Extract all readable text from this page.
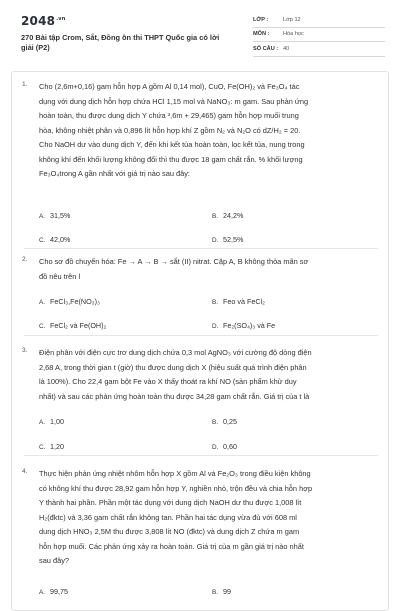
$2048^{.vn}$
270 Bài tập Crom, Sắt, Đồng ôn thi THPT Quốc gia có lời giải (P2)
LỚP :	Lớp 12
MÔN :	Hóa học
SỐ CÂU : 40
1. Cho (2,6m+0,16) gam hỗn hợp A gồm Al 0,14 mol), CuO, Fe(OH)₂ và Fe₃O₄ tác
dụng với dung dịch hỗn hợp chứa HCl 1,15 mol và NaNO₃: m gam. Sau phản ứng
hoàn toàn, thu được dung dịch Y chứa ³,6m + 29,465) gam hỗn hợp muối trung
hòa, không nhiệt phân và 0,896 lít hỗn hợp khí Z gồm N₂ và N₂O có dZ/H₂ = 20.
Cho NaOH dư vào dung dịch Y, đến khi kết tủa hoàn toàn, lọc kết tủa, nung trong
không khí đến khối lượng không đổi thì thu được 18 gam chất rắn. % khối lượng
Fe₃O₄trong A gần nhất với giá trị nào sau đây:
A. 31,5%	B. 24,2%
C. 42,0%	D. 52,5%
2. Cho sơ đồ chuyển hóa: Fe → A → B → sắt (II) nitrat. Cặp A, B không thỏa mãn sơ
đồ nêu trên l
A. FeCl₃,Fe(NO₃)₃	B. Feo và FeCl₂
C. FeCl₂ và Fe(OH)₂	D. Fe₂(SO₄)₃ và Fe
3. Điện phân với điện cực trơ dung dịch chứa 0,3 mol AgNO₃ với cường độ dòng điện
2,68 A, trong thời gian t (giờ) thu được dung dịch X (hiệu suất quá trình điện phân
là 100%). Cho 22,4 gam bột Fe vào X thấy thoát ra khí NO (sản phẩm khử duy
nhất) và sau các phản ứng hoàn toàn thu được 34,28 gam chất rắn. Giá trị của t là
A. 1,00	B. 0,25
C. 1,20	D. 0,60
4. Thực hiện phản ứng nhiệt nhôm hỗn hợp X gồm Al và Fe₂O₃ trong điều kiện không
có không khí thu được 28,92 gam hỗn hợp Y, nghiền nhỏ, trộn đều và chia hỗn hợp
Y thành hai phần. Phần một tác dụng với dung dịch NaOH dư thu được 1,008 lít
H₂(đktc) và 3,36 gam chất rắn không tan. Phần hai tác dụng vừa đủ với 608 ml
dung dịch HNO₃ 2,5M thu được 3,808 lít NO (đktc) và dung dịch Z chứa m gam
hỗn hợp muối. Các phản ứng xảy ra hoàn toàn. Giá trị của m gần giá trị nào nhất
sau đây?
A. 99,75	B. 99
